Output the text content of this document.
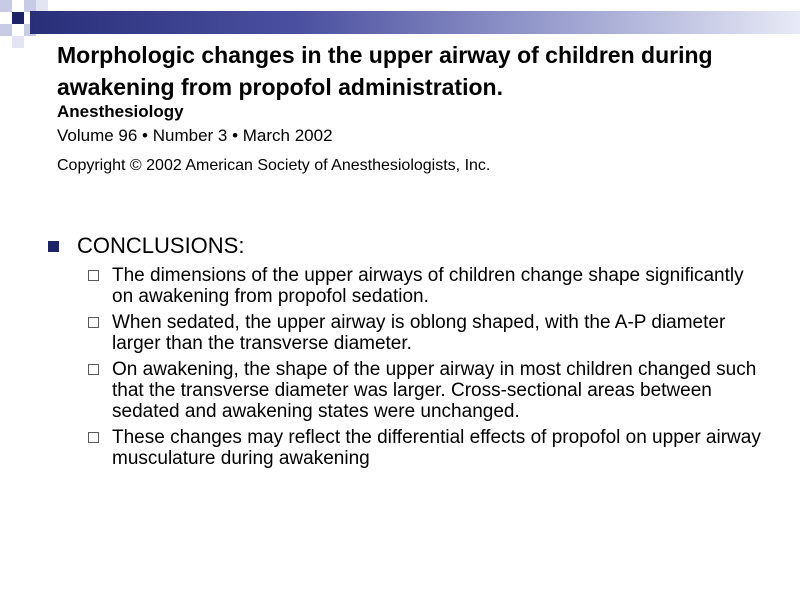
Morphologic changes in the upper airway of children during awakening from propofol administration.
Anesthesiology
Volume 96 • Number 3 • March 2002
Copyright © 2002 American Society of Anesthesiologists, Inc.
CONCLUSIONS:
The dimensions of the upper airways of children change shape significantly on awakening from propofol sedation.
When sedated, the upper airway is oblong shaped, with the A-P diameter larger than the transverse diameter.
On awakening, the shape of the upper airway in most children changed such that the transverse diameter was larger. Cross-sectional areas between sedated and awakening states were unchanged.
These changes may reflect the differential effects of propofol on upper airway musculature during awakening
